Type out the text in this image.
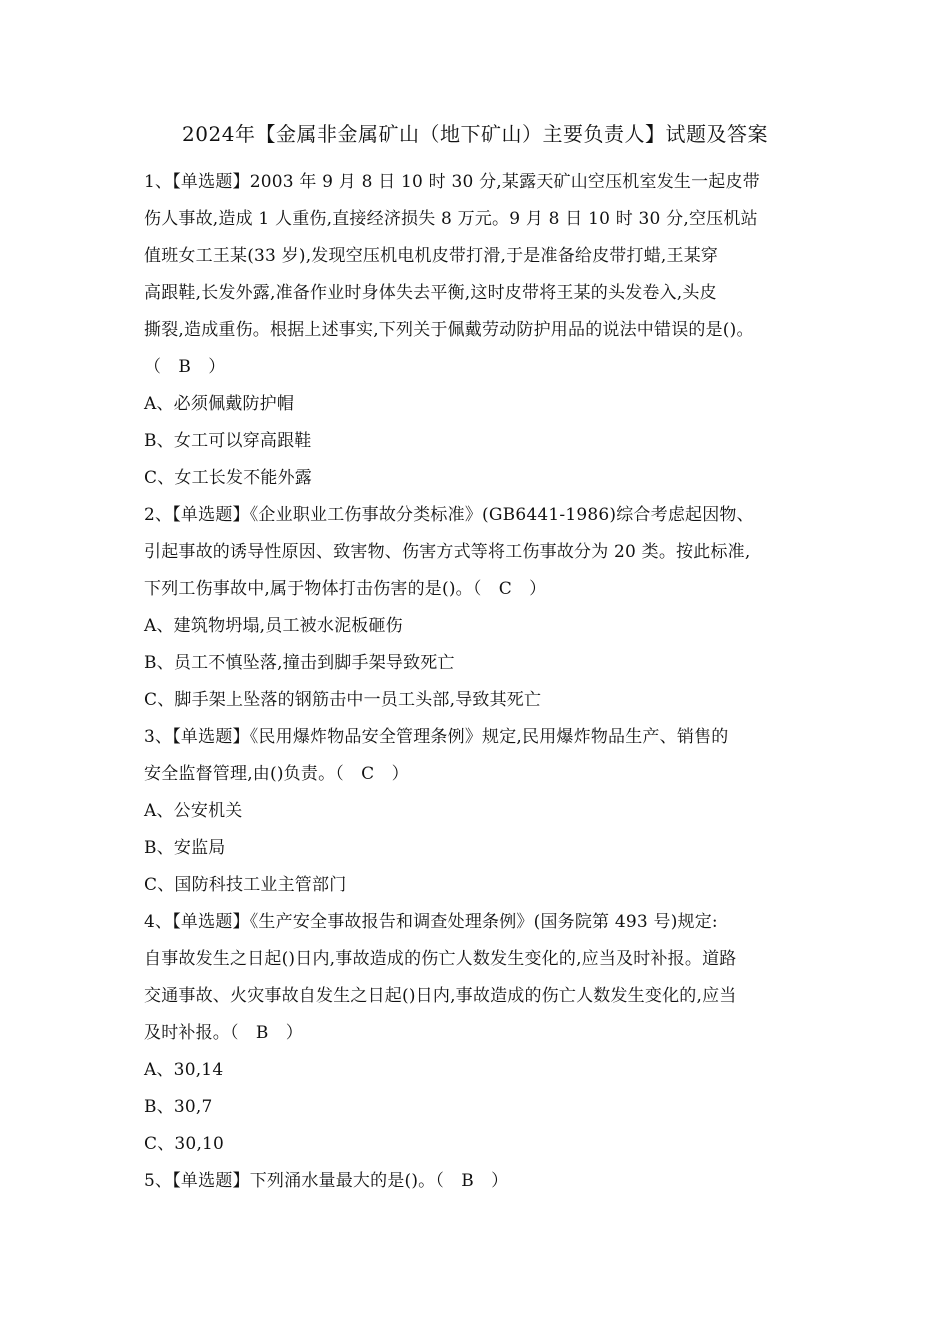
2024年【金属非金属矿山（地下矿山）主要负责人】试题及答案
1、【单选题】2003 年 9 月 8 日 10 时 30 分,某露天矿山空压机室发生一起皮带
伤人事故,造成 1 人重伤,直接经济损失 8 万元。9 月 8 日 10 时 30 分,空压机站
值班女工王某(33 岁),发现空压机电机皮带打滑,于是准备给皮带打蜡,王某穿
高跟鞋,长发外露,准备作业时身体失去平衡,这时皮带将王某的头发卷入,头皮
撕裂,造成重伤。根据上述事实,下列关于佩戴劳动防护用品的说法中错误的是()。
（　B　）
A、必须佩戴防护帽
B、女工可以穿高跟鞋
C、女工长发不能外露
2、【单选题】《企业职业工伤事故分类标准》(GB6441-1986)综合考虑起因物、
引起事故的诱导性原因、致害物、伤害方式等将工伤事故分为 20 类。按此标准,
下列工伤事故中,属于物体打击伤害的是()。（　C　）
A、建筑物坍塌,员工被水泥板砸伤
B、员工不慎坠落,撞击到脚手架导致死亡
C、脚手架上坠落的钢筋击中一员工头部,导致其死亡
3、【单选题】《民用爆炸物品安全管理条例》规定,民用爆炸物品生产、销售的
安全监督管理,由()负责。（　C　）
A、公安机关
B、安监局
C、国防科技工业主管部门
4、【单选题】《生产安全事故报告和调查处理条例》(国务院第 493 号)规定:
自事故发生之日起()日内,事故造成的伤亡人数发生变化的,应当及时补报。道路
交通事故、火灾事故自发生之日起()日内,事故造成的伤亡人数发生变化的,应当
及时补报。（　B　）
A、30,14
B、30,7
C、30,10
5、【单选题】下列涌水量最大的是()。（　B　）
